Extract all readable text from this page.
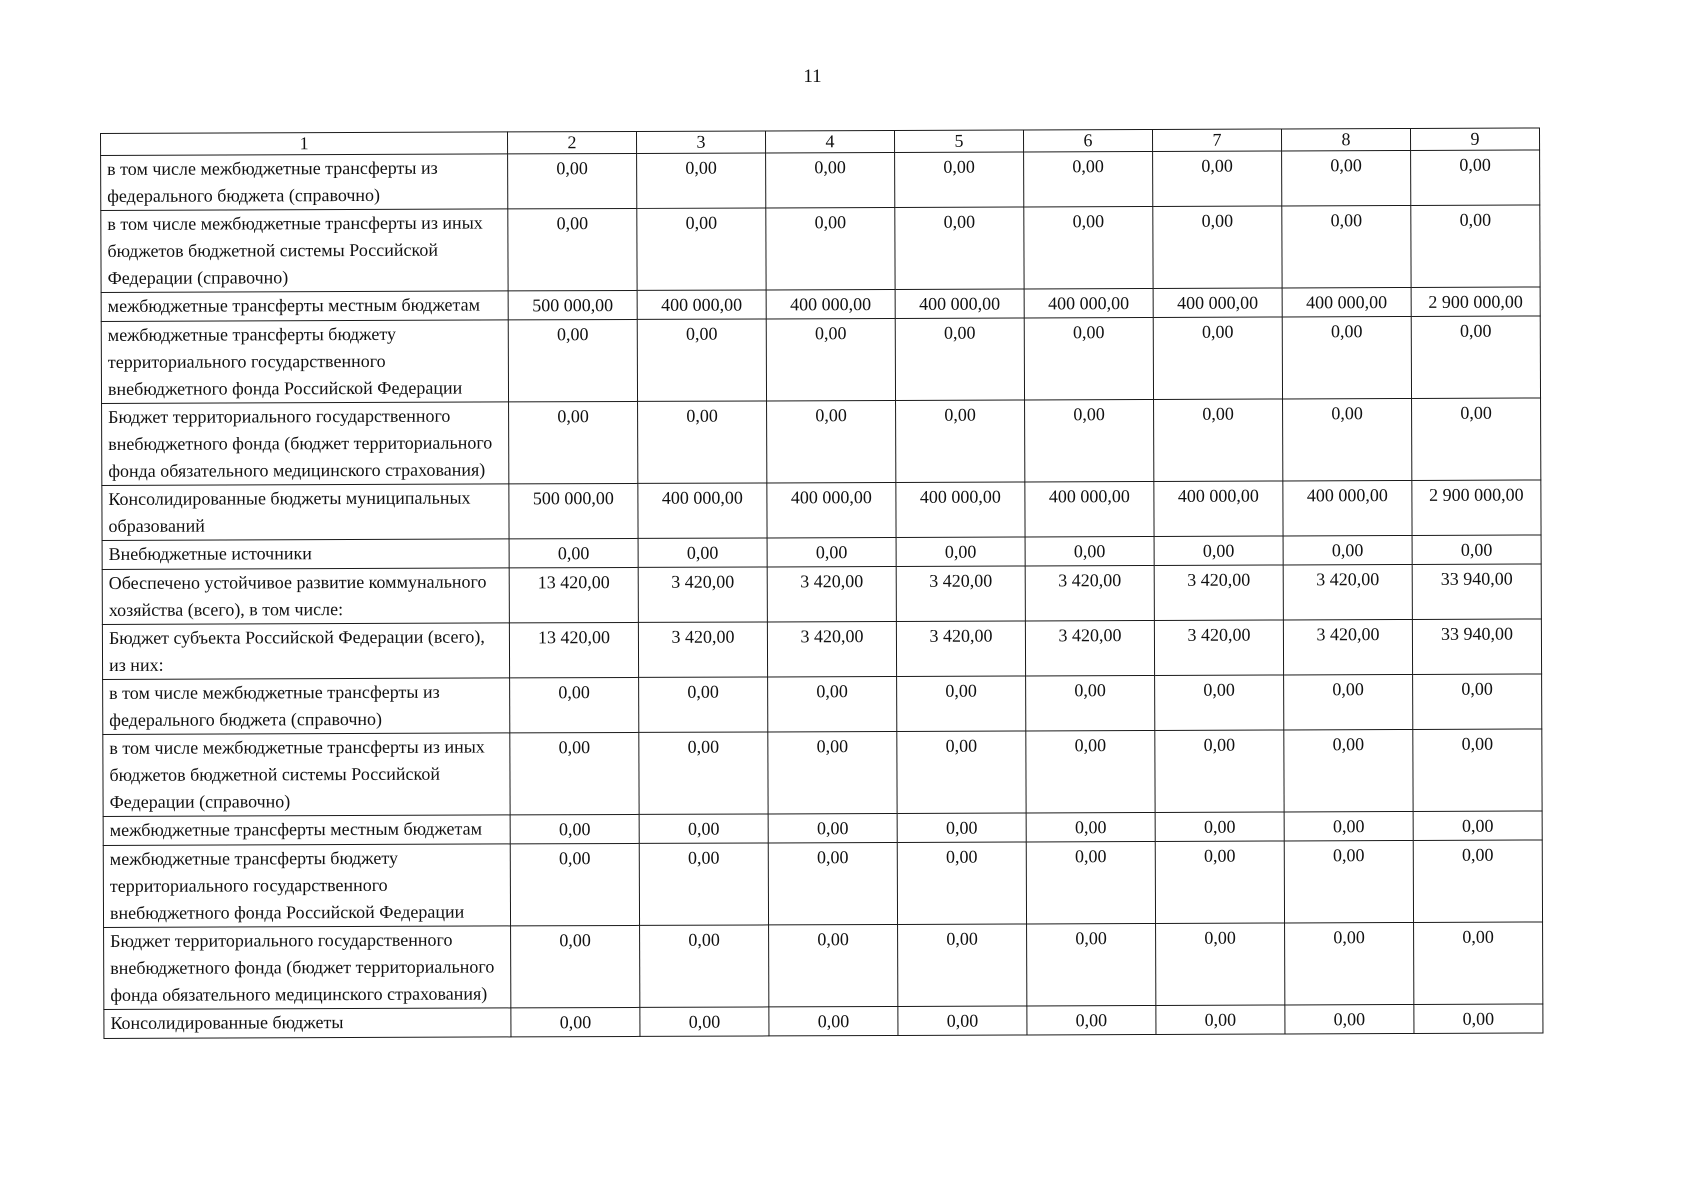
11
1	2	3	4	5	6	7	8	9
в том числе межбюджетные трансферты из федерального бюджета (справочно)	0,00	0,00	0,00	0,00	0,00	0,00	0,00	0,00
в том числе межбюджетные трансферты из иных бюджетов бюджетной системы Российской Федерации (справочно)	0,00	0,00	0,00	0,00	0,00	0,00	0,00	0,00
межбюджетные трансферты местным бюджетам	500 000,00	400 000,00	400 000,00	400 000,00	400 000,00	400 000,00	400 000,00	2 900 000,00
межбюджетные трансферты бюджету территориального государственного внебюджетного фонда Российской Федерации	0,00	0,00	0,00	0,00	0,00	0,00	0,00	0,00
Бюджет территориального государственного внебюджетного фонда (бюджет территориального фонда обязательного медицинского страхования)	0,00	0,00	0,00	0,00	0,00	0,00	0,00	0,00
Консолидированные бюджеты муниципальных образований	500 000,00	400 000,00	400 000,00	400 000,00	400 000,00	400 000,00	400 000,00	2 900 000,00
Внебюджетные источники	0,00	0,00	0,00	0,00	0,00	0,00	0,00	0,00
Обеспечено устойчивое развитие коммунального хозяйства (всего), в том числе:	13 420,00	3 420,00	3 420,00	3 420,00	3 420,00	3 420,00	3 420,00	33 940,00
Бюджет субъекта Российской Федерации (всего), из них:	13 420,00	3 420,00	3 420,00	3 420,00	3 420,00	3 420,00	3 420,00	33 940,00
в том числе межбюджетные трансферты из федерального бюджета (справочно)	0,00	0,00	0,00	0,00	0,00	0,00	0,00	0,00
в том числе межбюджетные трансферты из иных бюджетов бюджетной системы Российской Федерации (справочно)	0,00	0,00	0,00	0,00	0,00	0,00	0,00	0,00
межбюджетные трансферты местным бюджетам	0,00	0,00	0,00	0,00	0,00	0,00	0,00	0,00
межбюджетные трансферты бюджету территориального государственного внебюджетного фонда Российской Федерации	0,00	0,00	0,00	0,00	0,00	0,00	0,00	0,00
Бюджет территориального государственного внебюджетного фонда (бюджет территориального фонда обязательного медицинского страхования)	0,00	0,00	0,00	0,00	0,00	0,00	0,00	0,00
Консолидированные бюджеты	0,00	0,00	0,00	0,00	0,00	0,00	0,00	0,00
